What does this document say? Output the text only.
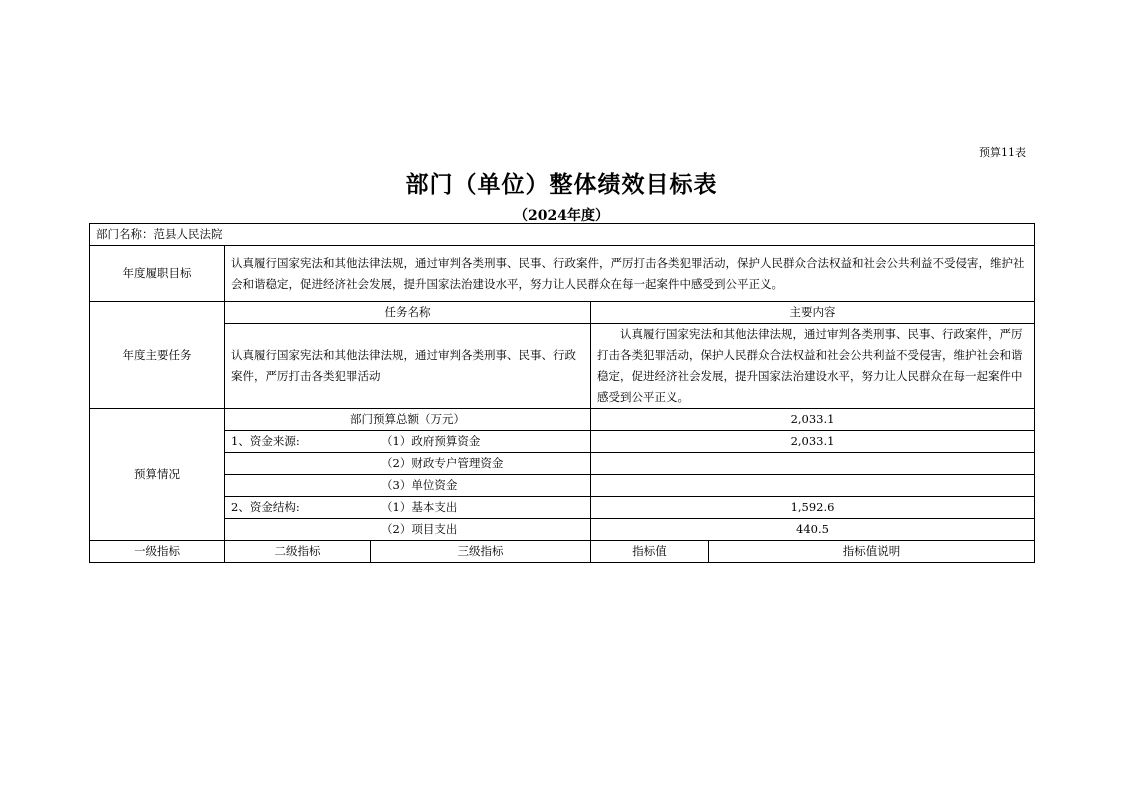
预算11表
部门（单位）整体绩效目标表
（2024年度）
部门名称：范县人民法院				
年度履职目标	认真履行国家宪法和其他法律法规，通过审判各类刑事、民事、行政案件，严厉打击各类犯罪活动，保护人民群众合法权益和社会公共利益不受侵害，维护社会和谐稳定，促进经济社会发展，提升国家法治建设水平，努力让人民群众在每一起案件中感受到公平正义。			
年度主要任务	任务名称		主要内容	
	认真履行国家宪法和其他法律法规，通过审判各类刑事、民事、行政案件，严厉打击各类犯罪活动		认真履行国家宪法和其他法律法规，通过审判各类刑事、民事、行政案件，严厉打击各类犯罪活动，保护人民群众合法权益和社会公共利益不受侵害，维护社会和谐稳定，促进经济社会发展，提升国家法治建设水平，努力让人民群众在每一起案件中感受到公平正义。	
预算情况	部门预算总额（万元）		2,033.1	
	1、资金来源: （1）政府预算资金		2,033.1	
	（2）财政专户管理资金			
	（3）单位资金			
	2、资金结构: （1）基本支出		1,592.6	
	（2）项目支出		440.5	
一级指标	二级指标	三级指标	指标值	指标值说明
